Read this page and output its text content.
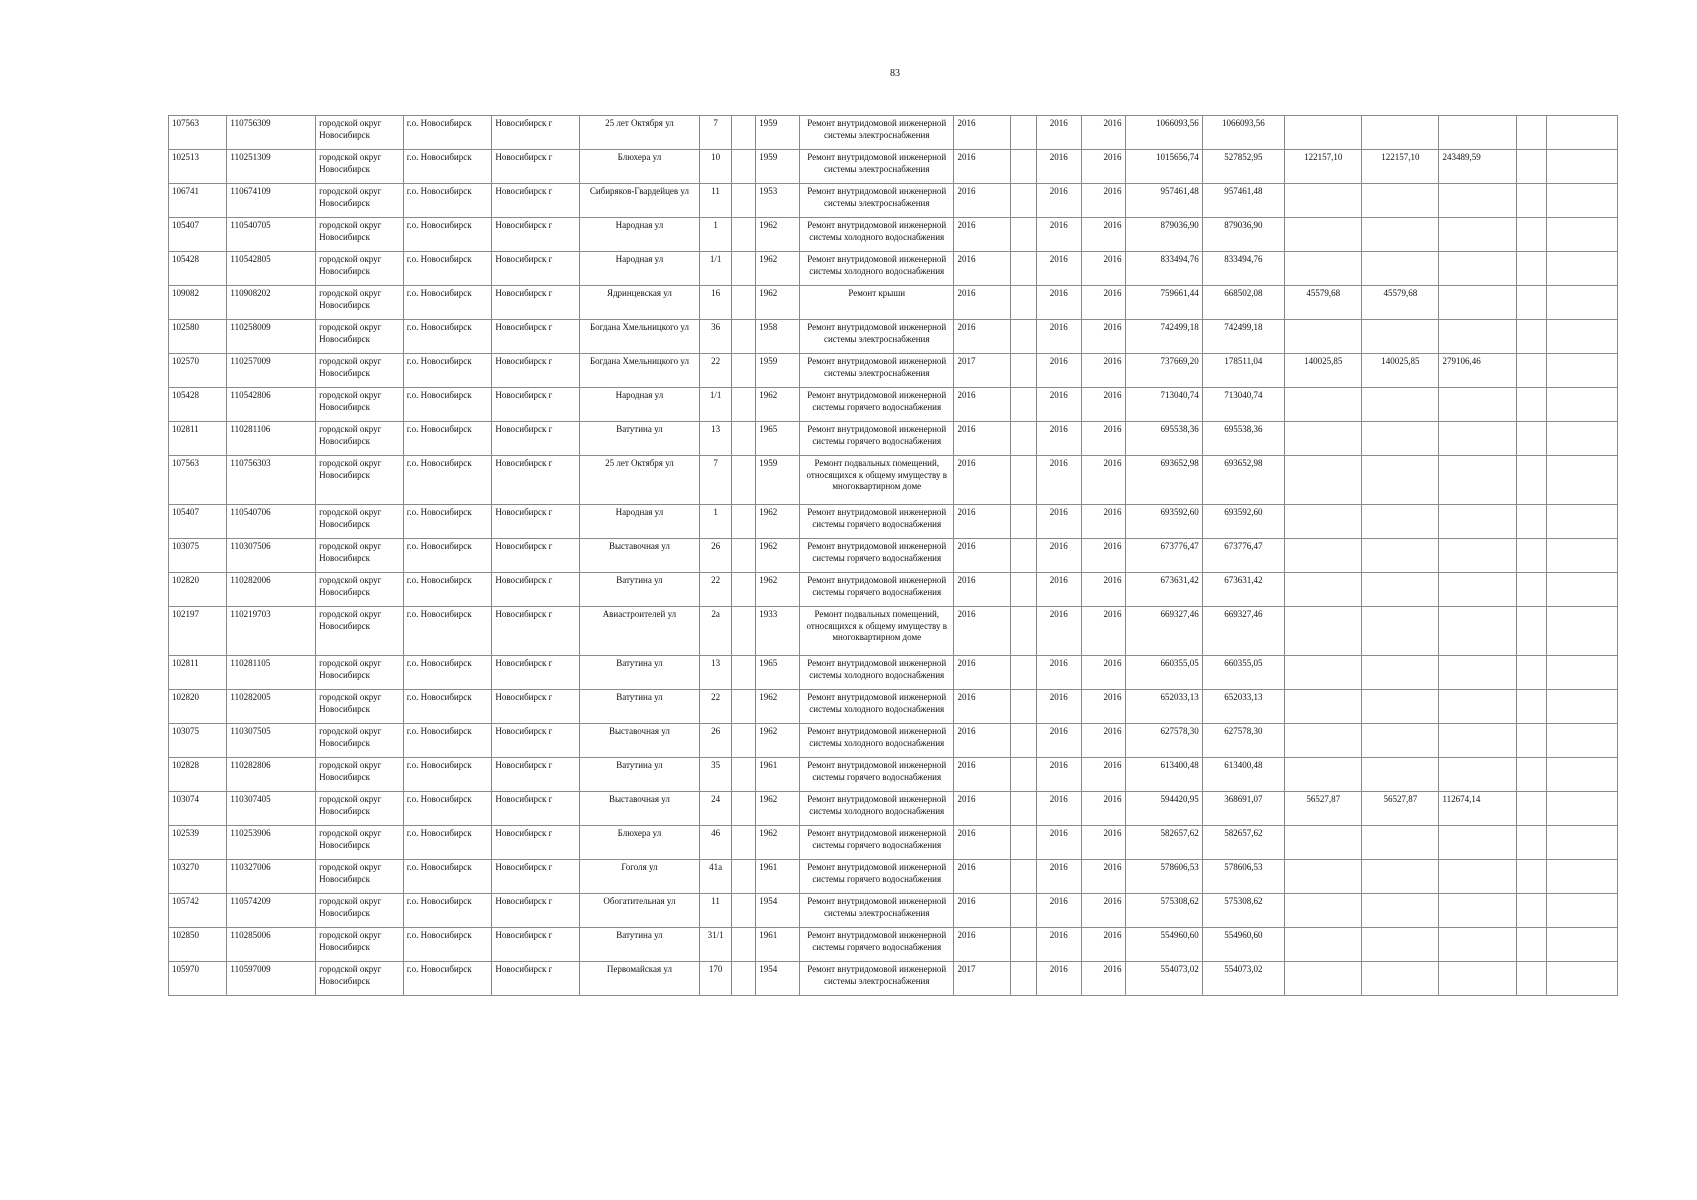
83
107563	110756309	городской округ Новосибирск	г.о. Новосибирск	Новосибирск г	25 лет Октября ул	7		1959	Ремонт внутридомовой инженерной системы электроснабжения	2016		2016	2016	1066093,56	1066093,56					
102513	110251309	городской округ Новосибирск	г.о. Новосибирск	Новосибирск г	Блюхера ул	10		1959	Ремонт внутридомовой инженерной системы электроснабжения	2016		2016	2016	1015656,74	527852,95	122157,10	122157,10	243489,59		
106741	110674109	городской округ Новосибирск	г.о. Новосибирск	Новосибирск г	Сибиряков-Гвардейцев ул	11		1953	Ремонт внутридомовой инженерной системы электроснабжения	2016		2016	2016	957461,48	957461,48					
105407	110540705	городской округ Новосибирск	г.о. Новосибирск	Новосибирск г	Народная ул	1		1962	Ремонт внутридомовой инженерной системы холодного водоснабжения	2016		2016	2016	879036,90	879036,90					
105428	110542805	городской округ Новосибирск	г.о. Новосибирск	Новосибирск г	Народная ул	1/1		1962	Ремонт внутридомовой инженерной системы холодного водоснабжения	2016		2016	2016	833494,76	833494,76					
109082	110908202	городской округ Новосибирск	г.о. Новосибирск	Новосибирск г	Ядринцевская ул	16		1962	Ремонт крыши	2016		2016	2016	759661,44	668502,08	45579,68	45579,68			
102580	110258009	городской округ Новосибирск	г.о. Новосибирск	Новосибирск г	Богдана Хмельницкого ул	36		1958	Ремонт внутридомовой инженерной системы электроснабжения	2016		2016	2016	742499,18	742499,18					
102570	110257009	городской округ Новосибирск	г.о. Новосибирск	Новосибирск г	Богдана Хмельницкого ул	22		1959	Ремонт внутридомовой инженерной системы электроснабжения	2017		2016	2016	737669,20	178511,04	140025,85	140025,85	279106,46		
105428	110542806	городской округ Новосибирск	г.о. Новосибирск	Новосибирск г	Народная ул	1/1		1962	Ремонт внутридомовой инженерной системы горячего водоснабжения	2016		2016	2016	713040,74	713040,74					
102811	110281106	городской округ Новосибирск	г.о. Новосибирск	Новосибирск г	Ватутина ул	13		1965	Ремонт внутридомовой инженерной системы горячего водоснабжения	2016		2016	2016	695538,36	695538,36					
107563	110756303	городской округ Новосибирск	г.о. Новосибирск	Новосибирск г	25 лет Октября ул	7		1959	Ремонт подвальных помещений, относящихся к общему имуществу в многоквартирном доме	2016		2016	2016	693652,98	693652,98					
105407	110540706	городской округ Новосибирск	г.о. Новосибирск	Новосибирск г	Народная ул	1		1962	Ремонт внутридомовой инженерной системы горячего водоснабжения	2016		2016	2016	693592,60	693592,60					
103075	110307506	городской округ Новосибирск	г.о. Новосибирск	Новосибирск г	Выставочная ул	26		1962	Ремонт внутридомовой инженерной системы горячего водоснабжения	2016		2016	2016	673776,47	673776,47					
102820	110282006	городской округ Новосибирск	г.о. Новосибирск	Новосибирск г	Ватутина ул	22		1962	Ремонт внутридомовой инженерной системы горячего водоснабжения	2016		2016	2016	673631,42	673631,42					
102197	110219703	городской округ Новосибирск	г.о. Новосибирск	Новосибирск г	Авиастроителей ул	2а		1933	Ремонт подвальных помещений, относящихся к общему имуществу в многоквартирном доме	2016		2016	2016	669327,46	669327,46					
102811	110281105	городской округ Новосибирск	г.о. Новосибирск	Новосибирск г	Ватутина ул	13		1965	Ремонт внутридомовой инженерной системы холодного водоснабжения	2016		2016	2016	660355,05	660355,05					
102820	110282005	городской округ Новосибирск	г.о. Новосибирск	Новосибирск г	Ватутина ул	22		1962	Ремонт внутридомовой инженерной системы холодного водоснабжения	2016		2016	2016	652033,13	652033,13					
103075	110307505	городской округ Новосибирск	г.о. Новосибирск	Новосибирск г	Выставочная ул	26		1962	Ремонт внутридомовой инженерной системы холодного водоснабжения	2016		2016	2016	627578,30	627578,30					
102828	110282806	городской округ Новосибирск	г.о. Новосибирск	Новосибирск г	Ватутина ул	35		1961	Ремонт внутридомовой инженерной системы горячего водоснабжения	2016		2016	2016	613400,48	613400,48					
103074	110307405	городской округ Новосибирск	г.о. Новосибирск	Новосибирск г	Выставочная ул	24		1962	Ремонт внутридомовой инженерной системы холодного водоснабжения	2016		2016	2016	594420,95	368691,07	56527,87	56527,87	112674,14		
102539	110253906	городской округ Новосибирск	г.о. Новосибирск	Новосибирск г	Блюхера ул	46		1962	Ремонт внутридомовой инженерной системы горячего водоснабжения	2016		2016	2016	582657,62	582657,62					
103270	110327006	городской округ Новосибирск	г.о. Новосибирск	Новосибирск г	Гоголя ул	41а		1961	Ремонт внутридомовой инженерной системы горячего водоснабжения	2016		2016	2016	578606,53	578606,53					
105742	110574209	городской округ Новосибирск	г.о. Новосибирск	Новосибирск г	Обогатительная ул	11		1954	Ремонт внутридомовой инженерной системы электроснабжения	2016		2016	2016	575308,62	575308,62					
102850	110285006	городской округ Новосибирск	г.о. Новосибирск	Новосибирск г	Ватутина ул	31/1		1961	Ремонт внутридомовой инженерной системы горячего водоснабжения	2016		2016	2016	554960,60	554960,60					
105970	110597009	городской округ Новосибирск	г.о. Новосибирск	Новосибирск г	Первомайская ул	170		1954	Ремонт внутридомовой инженерной системы электроснабжения	2017		2016	2016	554073,02	554073,02					
